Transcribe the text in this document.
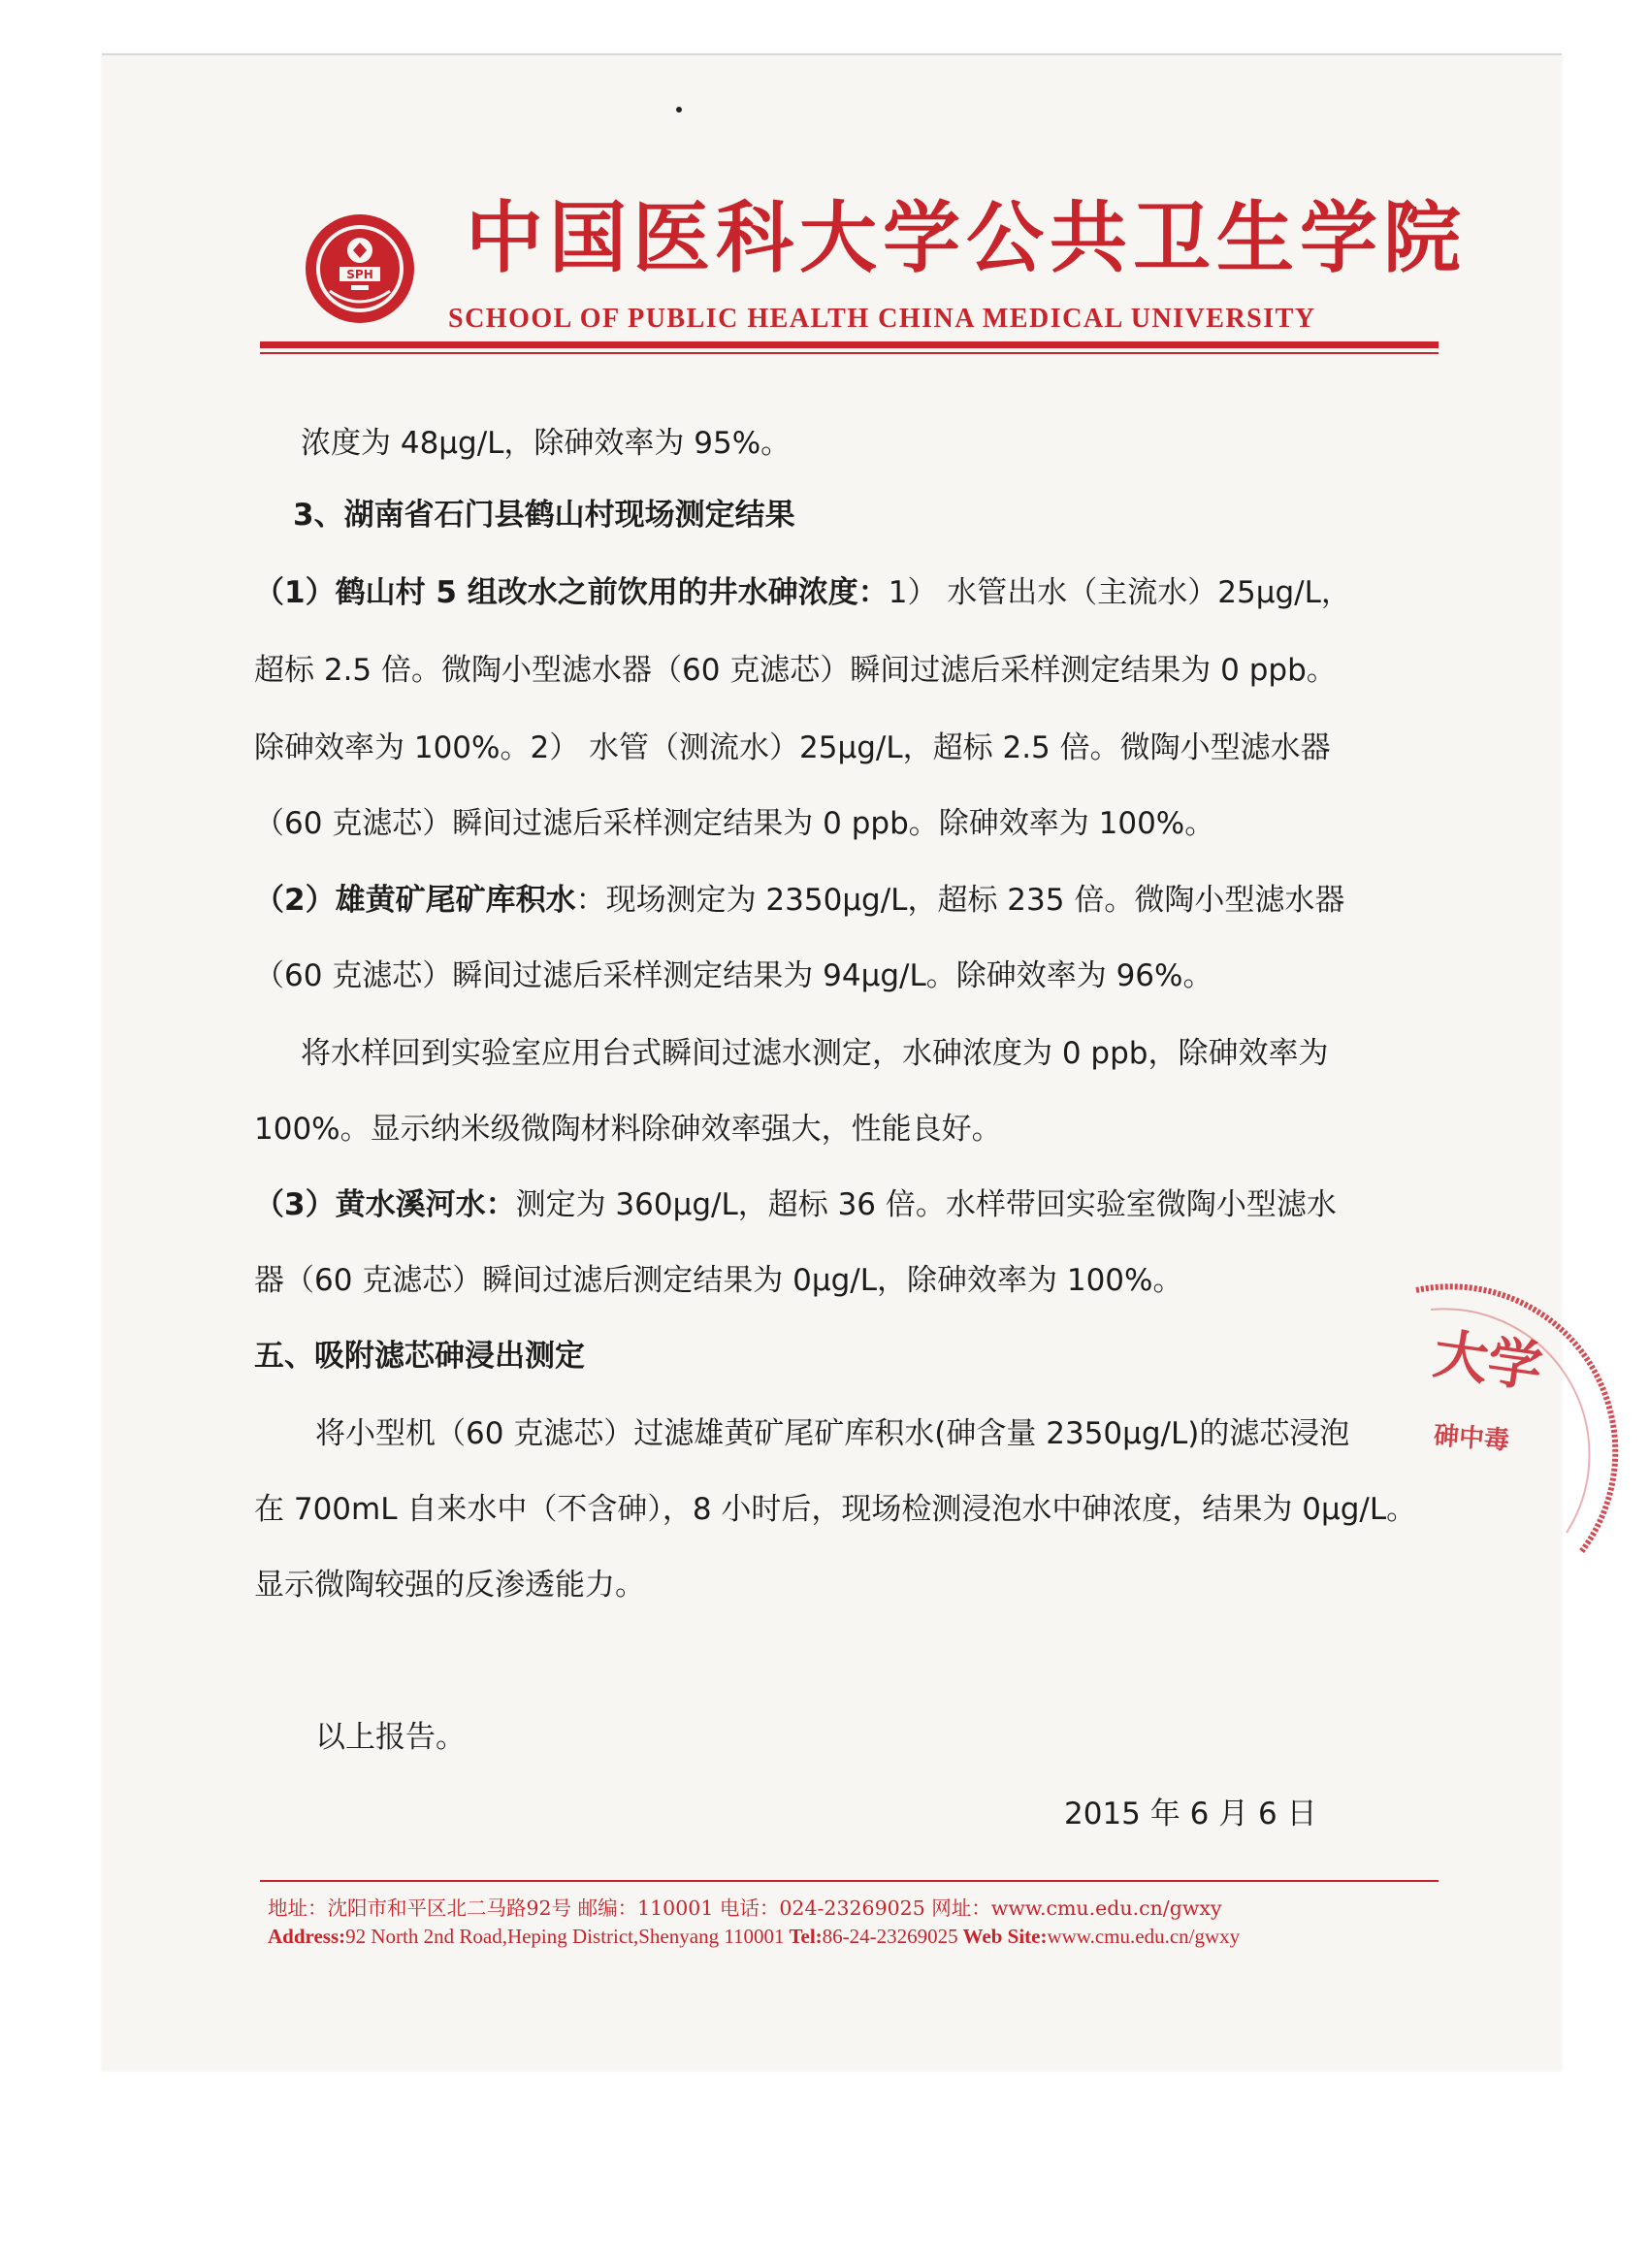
SPH 中国医科大学公共卫生学院
SCHOOL OF PUBLIC HEALTH CHINA MEDICAL UNIVERSITY
浓度为 48μg/L，除砷效率为 95%。
3、湖南省石门县鹤山村现场测定结果
（1）鹤山村 5 组改水之前饮用的井水砷浓度：1） 水管出水（主流水）25μg/L，
超标 2.5 倍。微陶小型滤水器（60 克滤芯）瞬间过滤后采样测定结果为 0 ppb。
除砷效率为 100%。2） 水管（测流水）25μg/L，超标 2.5 倍。微陶小型滤水器
（60 克滤芯）瞬间过滤后采样测定结果为 0 ppb。除砷效率为 100%。
（2）雄黄矿尾矿库积水：现场测定为 2350μg/L，超标 235 倍。微陶小型滤水器
（60 克滤芯）瞬间过滤后采样测定结果为 94μg/L。除砷效率为 96%。
将水样回到实验室应用台式瞬间过滤水测定，水砷浓度为 0 ppb，除砷效率为
100%。显示纳米级微陶材料除砷效率强大，性能良好。
（3）黄水溪河水：测定为 360μg/L，超标 36 倍。水样带回实验室微陶小型滤水
器（60 克滤芯）瞬间过滤后测定结果为 0μg/L，除砷效率为 100%。
五、吸附滤芯砷浸出测定
将小型机（60 克滤芯）过滤雄黄矿尾矿库积水(砷含量 2350μg/L)的滤芯浸泡
在 700mL 自来水中（不含砷），8 小时后，现场检测浸泡水中砷浓度，结果为 0μg/L。
显示微陶较强的反渗透能力。
以上报告。
2015 年 6 月 6 日
地址：沈阳市和平区北二马路92号 邮编：110001 电话：024-23269025 网址：www.cmu.edu.cn/gwxy
Address:92 North 2nd Road,Heping District,Shenyang 110001 Tel:86-24-23269025 Web Site:www.cmu.edu.cn/gwxy
大学
砷中毒
